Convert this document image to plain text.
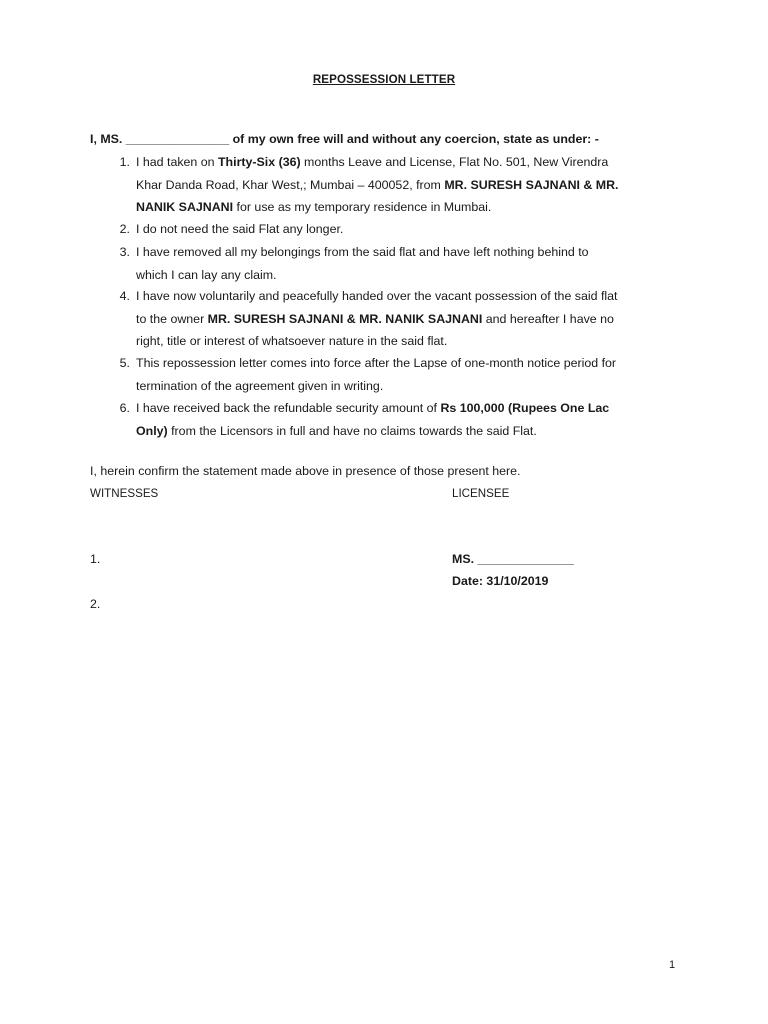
REPOSSESSION LETTER
I, MS. _______________ of my own free will and without any coercion, state as under: -
1. I had taken on Thirty-Six (36) months Leave and License, Flat No. 501, New Virendra
Khar Danda Road, Khar West,; Mumbai – 400052, from MR. SURESH SAJNANI & MR.
NANIK SAJNANI for use as my temporary residence in Mumbai.
2. I do not need the said Flat any longer.
3. I have removed all my belongings from the said flat and have left nothing behind to
which I can lay any claim.
4. I have now voluntarily and peacefully handed over the vacant possession of the said flat
to the owner MR. SURESH SAJNANI & MR. NANIK SAJNANI and hereafter I have no
right, title or interest of whatsoever nature in the said flat.
5. This repossession letter comes into force after the Lapse of one-month notice period for
termination of the agreement given in writing.
6. I have received back the refundable security amount of Rs 100,000 (Rupees One Lac
Only) from the Licensors in full and have no claims towards the said Flat.
I, herein confirm the statement made above in presence of those present here.
WITNESSES	LICENSEE
1.	MS. ______________
Date: 31/10/2019
2.
1
